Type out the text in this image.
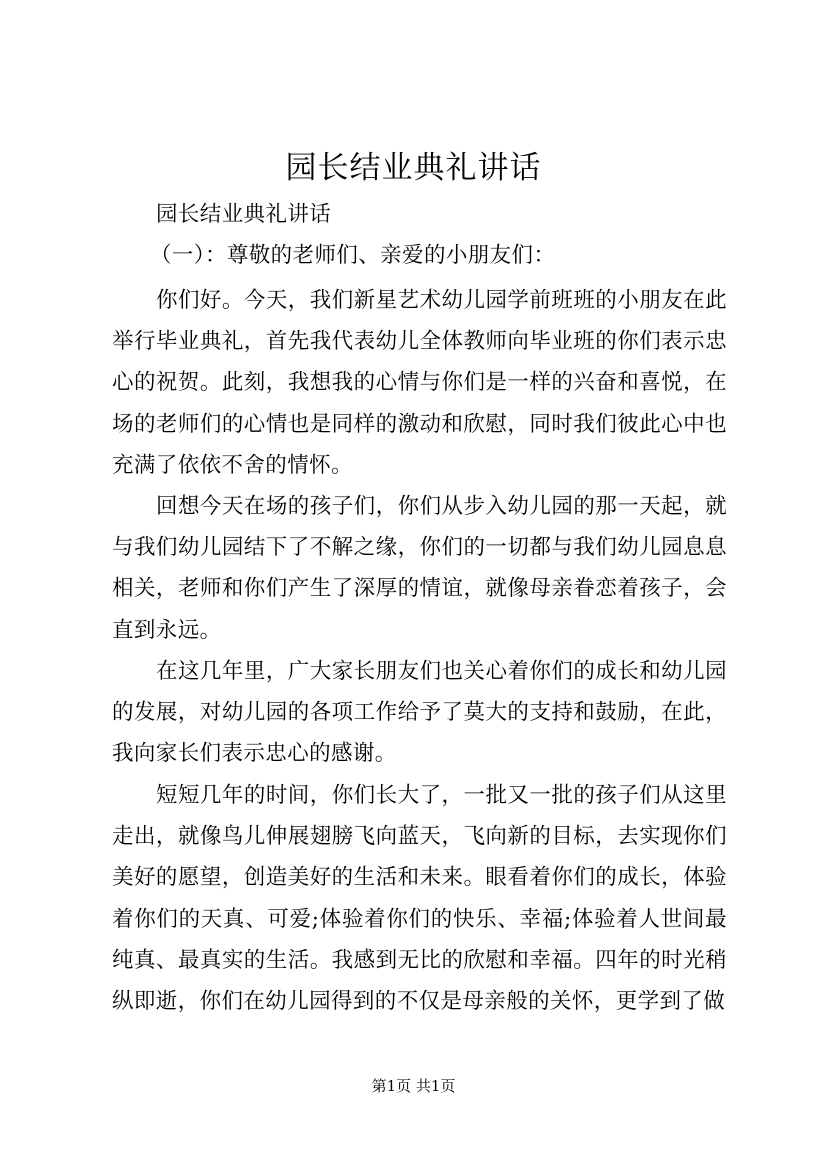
园长结业典礼讲话
园长结业典礼讲话
（一）：尊敬的老师们、亲爱的小朋友们：
你们好。今天，我们新星艺术幼儿园学前班班的小朋友在此举行毕业典礼，首先我代表幼儿全体教师向毕业班的你们表示忠心的祝贺。此刻，我想我的心情与你们是一样的兴奋和喜悦，在场的老师们的心情也是同样的激动和欣慰，同时我们彼此心中也充满了依依不舍的情怀。
回想今天在场的孩子们，你们从步入幼儿园的那一天起，就与我们幼儿园结下了不解之缘，你们的一切都与我们幼儿园息息相关，老师和你们产生了深厚的情谊，就像母亲眷恋着孩子，会直到永远。
在这几年里，广大家长朋友们也关心着你们的成长和幼儿园的发展，对幼儿园的各项工作给予了莫大的支持和鼓励，在此，我向家长们表示忠心的感谢。
短短几年的时间，你们长大了，一批又一批的孩子们从这里走出，就像鸟儿伸展翅膀飞向蓝天，飞向新的目标，去实现你们美好的愿望，创造美好的生活和未来。眼看着你们的成长，体验着你们的天真、可爱;体验着你们的快乐、幸福;体验着人世间最纯真、最真实的生活。我感到无比的欣慰和幸福。四年的时光稍纵即逝，你们在幼儿园得到的不仅是母亲般的关怀，更学到了做
第1页 共1页
